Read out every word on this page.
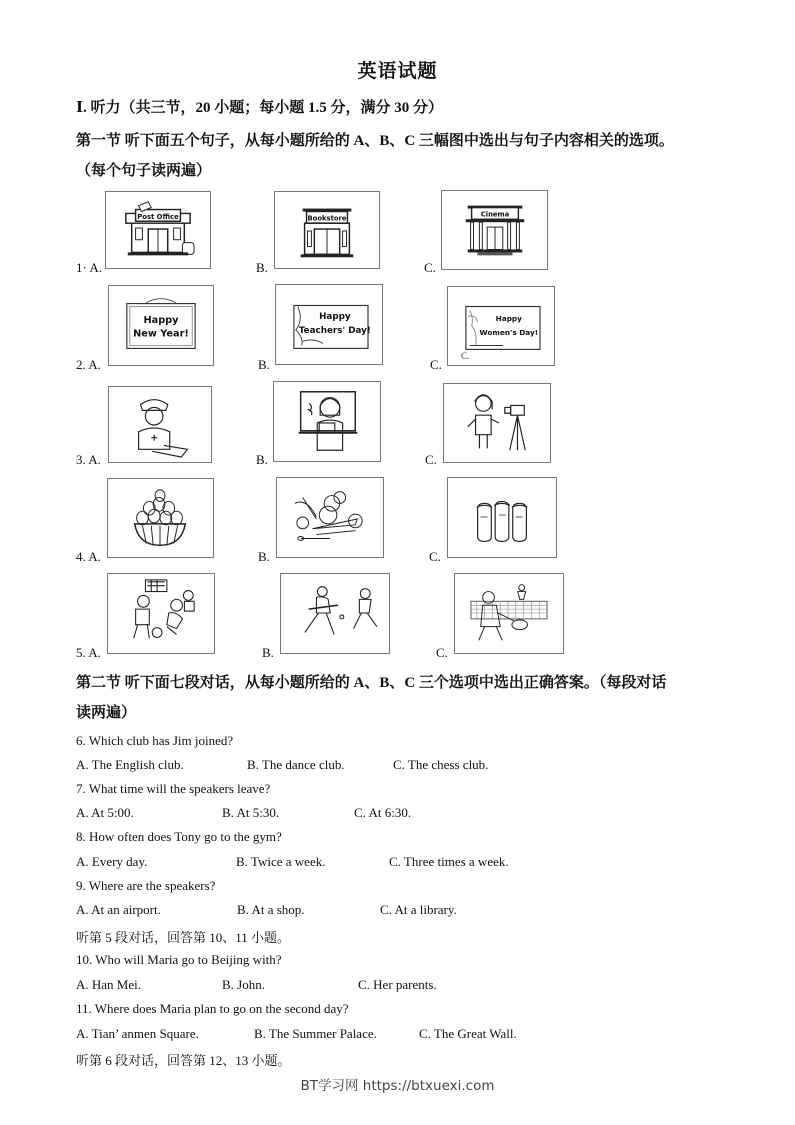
英语试题
Ⅰ. 听力（共三节，20 小题；每小题 1.5 分，满分 30 分）
第一节 听下面五个句子，从每小题所给的 A、B、C 三幅图中选出与句子内容相关的选项。
（每个句子读两遍）
1· A.
Post Office
B.
Bookstore
C.
Cinema
2. A.
Happy
New Year!
B.
Happy
Teachers' Day!
C.
Happy
Women's Day!
C.
3. A.	B.	C.
4. A.	B.	C.
5. A.	B.	C.
第二节 听下面七段对话，从每小题所给的 A、B、C 三个选项中选出正确答案。（每段对话
读两遍）
6. Which club has Jim joined?
A. The English club.	B. The dance club.	C. The chess club.
7. What time will the speakers leave?
A. At 5:00.	B. At 5:30.	C. At 6:30.
8. How often does Tony go to the gym?
A. Every day.	B. Twice a week.	C. Three times a week.
9. Where are the speakers?
A. At an airport.	B. At a shop.	C. At a library.
听第 5 段对话，回答第 10、11 小题。
10. Who will Maria go to Beijing with?
A. Han Mei.	B. John.	C. Her parents.
11. Where does Maria plan to go on the second day?
A. Tian’ anmen Square.	B. The Summer Palace.	C. The Great Wall.
听第 6 段对话，回答第 12、13 小题。
BT学习网 https://btxuexi.com
